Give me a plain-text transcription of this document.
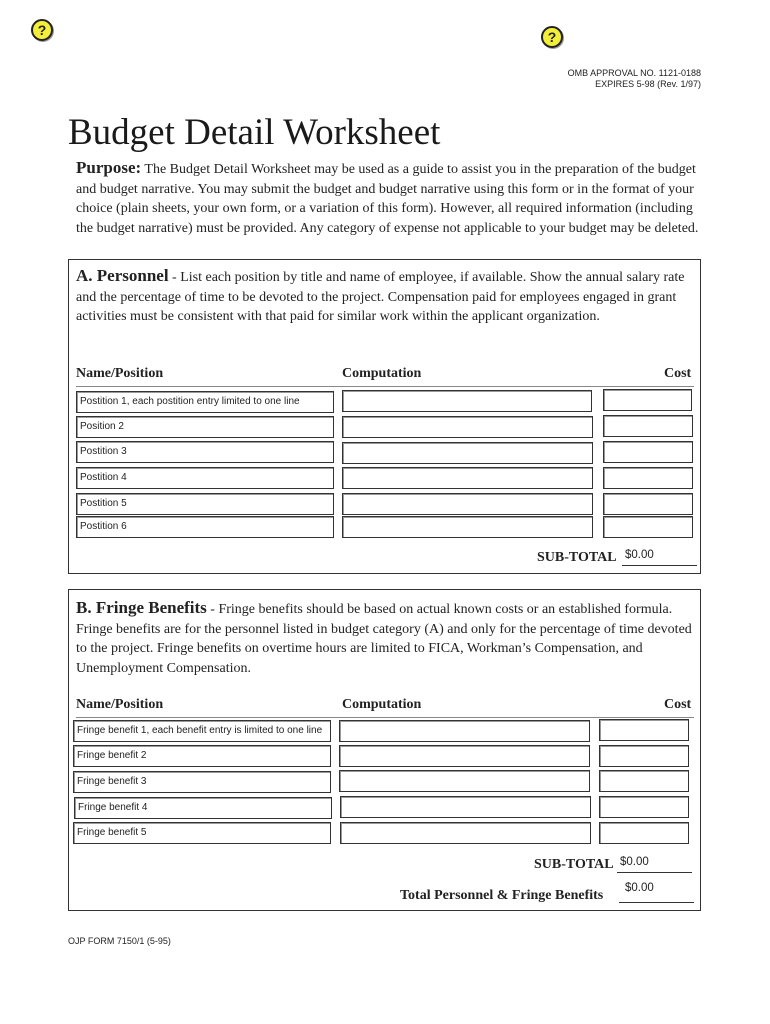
?	?
OMB APPROVAL NO. 1121-0188
EXPIRES 5-98 (Rev. 1/97)
Budget Detail Worksheet
Purpose: The Budget Detail Worksheet may be used as a guide to assist you in the preparation of the budget and budget narrative. You may submit the budget and budget narrative using this form or in the format of your choice (plain sheets, your own form, or a variation of this form). However, all required information (including the budget narrative) must be provided. Any category of expense not applicable to your budget may be deleted.
A. Personnel - List each position by title and name of employee, if available. Show the annual salary rate and the percentage of time to be devoted to the project. Compensation paid for employees engaged in grant activities must be consistent with that paid for similar work within the applicant organization.
Name/Position	Computation	Cost
Postition 1, each postition entry limited to one line
Position 2
Postition 3
Postition 4
Postition 5
Postition 6
SUB-TOTAL $0.00
B. Fringe Benefits - Fringe benefits should be based on actual known costs or an established formula. Fringe benefits are for the personnel listed in budget category (A) and only for the percentage of time devoted to the project. Fringe benefits on overtime hours are limited to FICA, Workman’s Compensation, and Unemployment Compensation.
Name/Position	Computation	Cost
Fringe benefit 1, each benefit entry is limited to one line
Fringe benefit 2
Fringe benefit 3
Fringe benefit 4
Fringe benefit 5
SUB-TOTAL $0.00
Total Personnel & Fringe Benefits	$0.00
OJP FORM 7150/1 (5-95)
